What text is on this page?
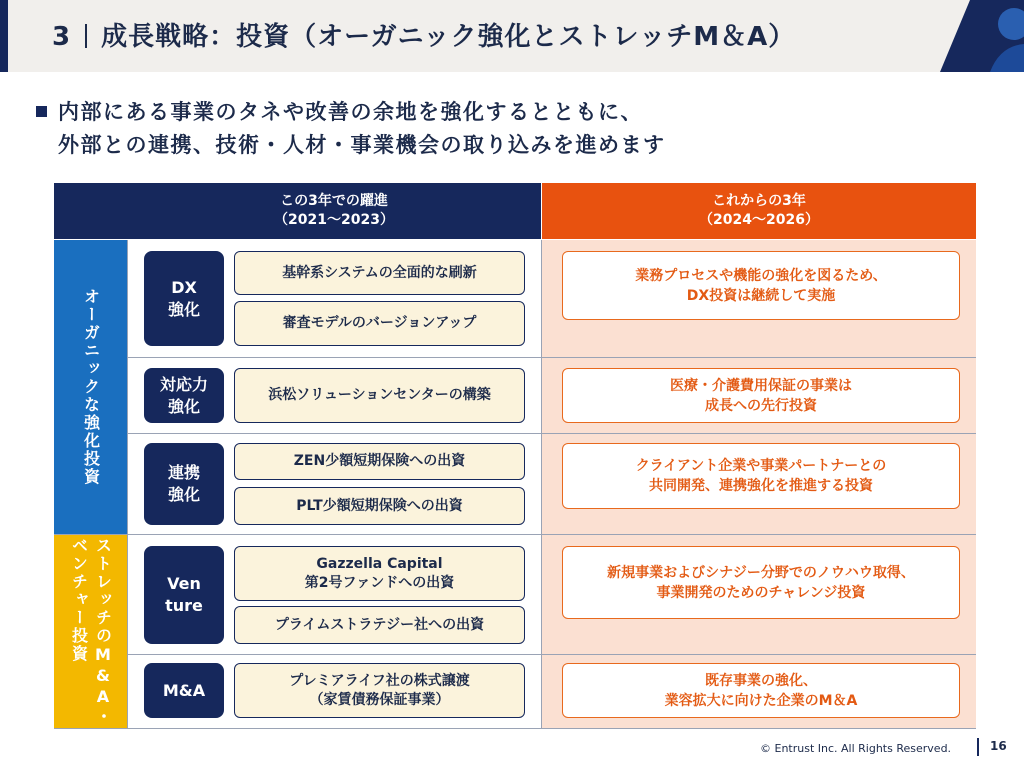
3 成長戦略：投資（オーガニック強化とストレッチM＆A）
内部にある事業のタネや改善の余地を強化するとともに、
外部との連携、技術・人材・事業機会の取り込みを進めます
この3年での躍進
（2021～2023）
これからの3年
（2024～2026）
オーガニックな強化投資
ストレッチのM&A・
ベンチャー投資
DX
強化
基幹系システムの全面的な刷新
審査モデルのバージョンアップ
業務プロセスや機能の強化を図るため、
DX投資は継続して実施
対応力
強化
浜松ソリューションセンターの構築
医療・介護費用保証の事業は
成長への先行投資
連携
強化
ZEN少額短期保険への出資
PLT少額短期保険への出資
クライアント企業や事業パートナーとの
共同開発、連携強化を推進する投資
Ven
ture
Gazzella Capital
第2号ファンドへの出資
プライムストラテジー社への出資
新規事業およびシナジー分野でのノウハウ取得、
事業開発のためのチャレンジ投資
M&A	プレミアライフ社の株式譲渡
（家賃債務保証事業）
既存事業の強化、
業容拡大に向けた企業のM＆A
© Entrust Inc. All Rights Reserved.	16
